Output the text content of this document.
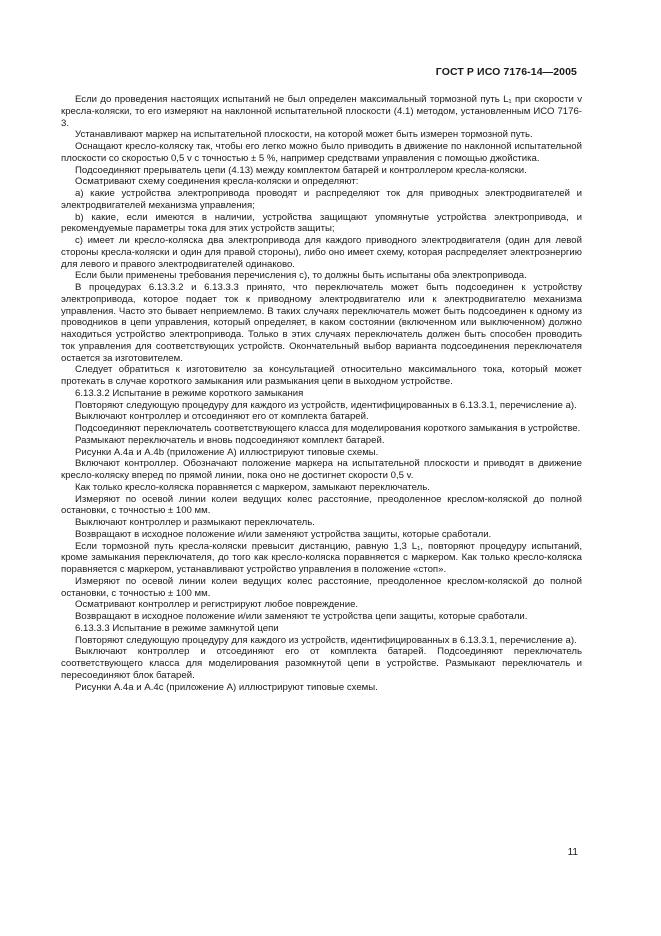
ГОСТ Р ИСО 7176-14—2005

Если до проведения настоящих испытаний не был определен максимальный тормозной путь L₁ при скорости v кресла-коляски, то его измеряют на наклонной испытательной плоскости (4.1) методом, установленным ИСО 7176-3.

Устанавливают маркер на испытательной плоскости, на которой может быть измерен тормозной путь.

Оснащают кресло-коляску так, чтобы его легко можно было приводить в движение по наклонной испытательной плоскости со скоростью 0,5 v с точностью ± 5 %, например средствами управления с помощью джойстика.

Подсоединяют прерыватель цепи (4.13) между комплектом батарей и контроллером кресла-коляски.

Осматривают схему соединения кресла-коляски и определяют:

a) какие устройства электропривода проводят и распределяют ток для приводных электродвигателей и электродвигателей механизма управления;

b) какие, если имеются в наличии, устройства защищают упомянутые устройства электропривода, и рекомендуемые параметры тока для этих устройств защиты;

c) имеет ли кресло-коляска два электропривода для каждого приводного электродвигателя (один для левой стороны кресла-коляски и один для правой стороны), либо оно имеет схему, которая распределяет электроэнергию для левого и правого электродвигателей одинаково.

Если были применены требования перечисления c), то должны быть испытаны оба электропривода.

В процедурах 6.13.3.2 и 6.13.3.3 принято, что переключатель может быть подсоединен к устройству электропривода, которое подает ток к приводному электродвигателю или к электродвигателю механизма управления. Часто это бывает неприемлемо. В таких случаях переключатель может быть подсоединен к одному из проводников в цепи управления, который определяет, в каком состоянии (включенном или выключенном) должно находиться устройство электропривода. Только в этих случаях переключатель должен быть способен проводить ток управления для соответствующих устройств. Окончательный выбор варианта подсоединения переключателя остается за изготовителем.

Следует обратиться к изготовителю за консультацией относительно максимального тока, который может протекать в случае короткого замыкания или размыкания цепи в выходном устройстве.

6.13.3.2 Испытание в режиме короткого замыкания

Повторяют следующую процедуру для каждого из устройств, идентифицированных в 6.13.3.1, перечисление a).

Выключают контроллер и отсоединяют его от комплекта батарей.

Подсоединяют переключатель соответствующего класса для моделирования короткого замыкания в устройстве.

Размыкают переключатель и вновь подсоединяют комплект батарей.

Рисунки А.4а и А.4b (приложение А) иллюстрируют типовые схемы.

Включают контроллер. Обозначают положение маркера на испытательной плоскости и приводят в движение кресло-коляску вперед по прямой линии, пока оно не достигнет скорости 0,5 v.

Как только кресло-коляска поравняется с маркером, замыкают переключатель.

Измеряют по осевой линии колеи ведущих колес расстояние, преодоленное креслом-коляской до полной остановки, с точностью ± 100 мм.

Выключают контроллер и размыкают переключатель.

Возвращают в исходное положение и/или заменяют устройства защиты, которые сработали.

Если тормозной путь кресла-коляски превысит дистанцию, равную 1,3 L₁, повторяют процедуру испытаний, кроме замыкания переключателя, до того как кресло-коляска поравняется с маркером. Как только кресло-коляска поравняется с маркером, устанавливают устройство управления в положение «стоп».

Измеряют по осевой линии колеи ведущих колес расстояние, преодоленное креслом-коляской до полной остановки, с точностью ± 100 мм.

Осматривают контроллер и регистрируют любое повреждение.

Возвращают в исходное положение и/или заменяют те устройства цепи защиты, которые сработали.

6.13.3.3 Испытание в режиме замкнутой цепи

Повторяют следующую процедуру для каждого из устройств, идентифицированных в 6.13.3.1, перечисление a).

Выключают контроллер и отсоединяют его от комплекта батарей. Подсоединяют переключатель соответствующего класса для моделирования разомкнутой цепи в устройстве. Размыкают переключатель и пересоединяют блок батарей.

Рисунки А.4а и А.4с (приложение А) иллюстрируют типовые схемы.

11
